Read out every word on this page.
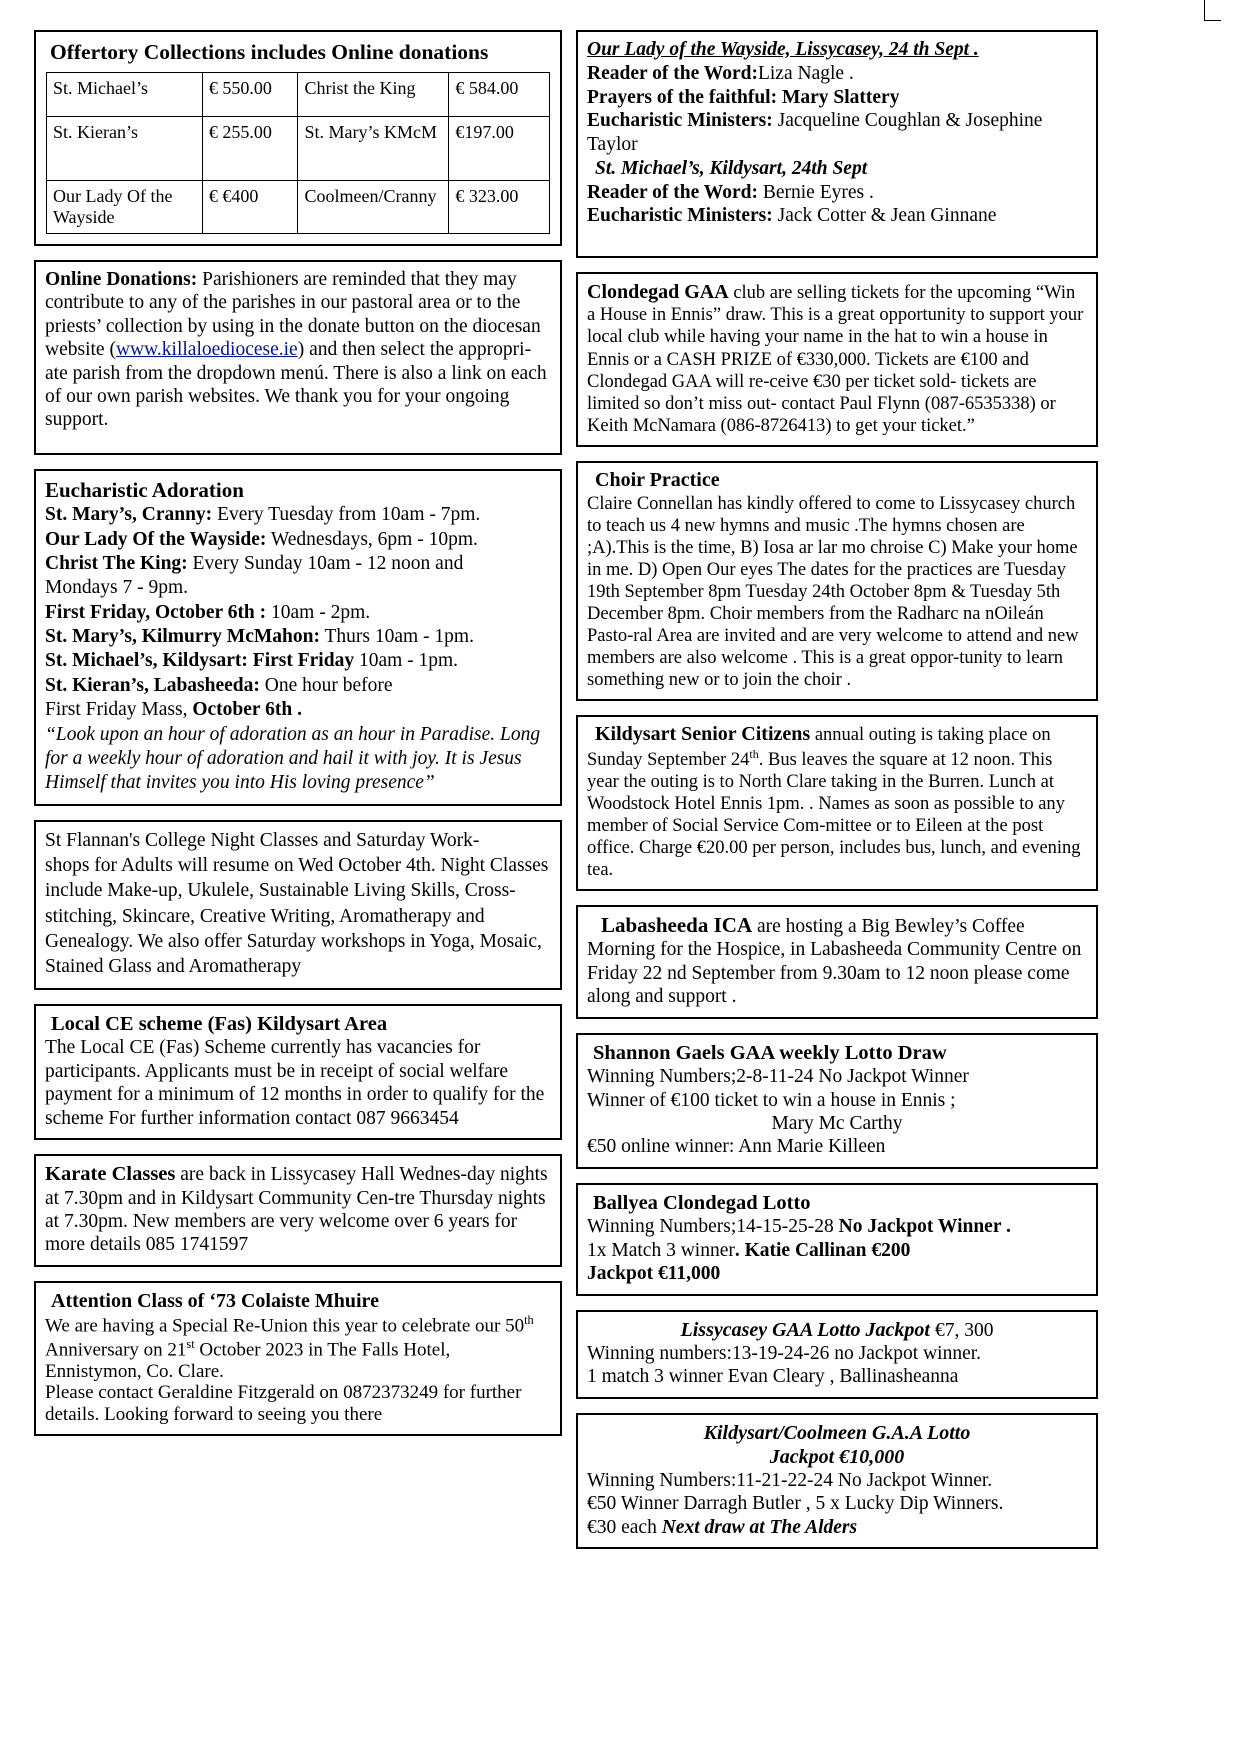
Offertory Collections includes Online donations
St. Michael’s	€ 550.00	Christ the King	€ 584.00
St. Kieran’s	€ 255.00	St. Mary’s KMcM	€197.00
Our Lady Of the Wayside	€ €400	Coolmeen/Cranny	€ 323.00

Online Donations: Parishioners are reminded that they may contribute to any of the parishes in our pastoral area or to the priests’ collection by using in the donate button on the diocesan website (www.killaloediocese.ie) and then select the appropri-ate parish from the dropdown menú. There is also a link on each of our own parish websites. We thank you for your ongoing support.

Eucharistic Adoration

St. Mary’s, Cranny: Every Tuesday from 10am - 7pm.

Our Lady Of the Wayside: Wednesdays, 6pm - 10pm.

Christ The King: Every Sunday 10am - 12 noon and

Mondays 7 - 9pm.

First Friday, October 6th : 10am - 2pm.

St. Mary’s, Kilmurry McMahon: Thurs 10am - 1pm.

St. Michael’s, Kildysart: First Friday 10am - 1pm.

St. Kieran’s, Labasheeda: One hour before

First Friday Mass, October 6th .

“Look upon an hour of adoration as an hour in Paradise. Long for a weekly hour of adoration and hail it with joy. It is Jesus Himself that invites you into His loving presence”

St Flannan's College Night Classes and Saturday Work-

shops for Adults will resume on Wed October 4th. Night Classes include Make-up, Ukulele, Sustainable Living Skills, Cross-stitching, Skincare, Creative Writing, Aromatherapy and Genealogy. We also offer Saturday workshops in Yoga, Mosaic, Stained Glass and Aromatherapy

Local CE scheme (Fas) Kildysart Area

The Local CE (Fas) Scheme currently has vacancies for participants. Applicants must be in receipt of social welfare payment for a minimum of 12 months in order to qualify for the scheme For further information contact 087 9663454

Karate Classes are back in Lissycasey Hall Wednes-day nights at 7.30pm and in Kildysart Community Cen-tre Thursday nights at 7.30pm. New members are very welcome over 6 years for more details 085 1741597

Attention Class of ‘73 Colaiste Mhuire

We are having a Special Re-Union this year to celebrate our 50th Anniversary on 21st October 2023 in The Falls Hotel, Ennistymon, Co. Clare.

Please contact Geraldine Fitzgerald on 0872373249 for further details. Looking forward to seeing you there

Our Lady of the Wayside, Lissycasey, 24 th Sept .

Reader of the Word:Liza Nagle .

Prayers of the faithful: Mary Slattery

Eucharistic Ministers: Jacqueline Coughlan & Josephine Taylor

St. Michael’s, Kildysart, 24th Sept

Reader of the Word: Bernie Eyres .

Eucharistic Ministers: Jack Cotter & Jean Ginnane

Clondegad GAA club are selling tickets for the upcoming “Win a House in Ennis” draw. This is a great opportunity to support your local club while having your name in the hat to win a house in Ennis or a CASH PRIZE of €330,000. Tickets are €100 and Clondegad GAA will re-ceive €30 per ticket sold- tickets are limited so don’t miss out- contact Paul Flynn (087-6535338) or Keith McNamara (086-8726413) to get your ticket.”

Choir Practice

Claire Connellan has kindly offered to come to Lissycasey church to teach us 4 new hymns and music .The hymns chosen are ;A).This is the time, B) Iosa ar lar mo chroise C) Make your home in me. D) Open Our eyes The dates for the practices are Tuesday 19th September 8pm Tuesday 24th October 8pm & Tuesday 5th December 8pm. Choir members from the Radharc na nOileán Pasto-ral Area are invited and are very welcome to attend and new members are also welcome . This is a great oppor-tunity to learn something new or to join the choir .

Kildysart Senior Citizens annual outing is taking place on Sunday September 24th. Bus leaves the square at 12 noon. This year the outing is to North Clare taking in the Burren. Lunch at Woodstock Hotel Ennis 1pm. . Names as soon as possible to any member of Social Service Com-mittee or to Eileen at the post office. Charge €20.00 per person, includes bus, lunch, and evening tea.

Labasheeda ICA are hosting a Big Bewley’s Coffee Morning for the Hospice, in Labasheeda Community Centre on Friday 22 nd September from 9.30am to 12 noon please come along and support .

Shannon Gaels GAA weekly Lotto Draw

Winning Numbers;2-8-11-24 No Jackpot Winner

Winner of €100 ticket to win a house in Ennis ;

Mary Mc Carthy

€50 online winner: Ann Marie Killeen

Ballyea Clondegad Lotto

Winning Numbers;14-15-25-28 No Jackpot Winner .

1x Match 3 winner. Katie Callinan €200

Jackpot €11,000

Lissycasey GAA Lotto Jackpot €7, 300

Winning numbers:13-19-24-26 no Jackpot winner.

1 match 3 winner Evan Cleary , Ballinasheanna

Kildysart/Coolmeen G.A.A Lotto

Jackpot €10,000

Winning Numbers:11-21-22-24 No Jackpot Winner.

€50 Winner Darragh Butler , 5 x Lucky Dip Winners.

€30 each Next draw at The Alders
